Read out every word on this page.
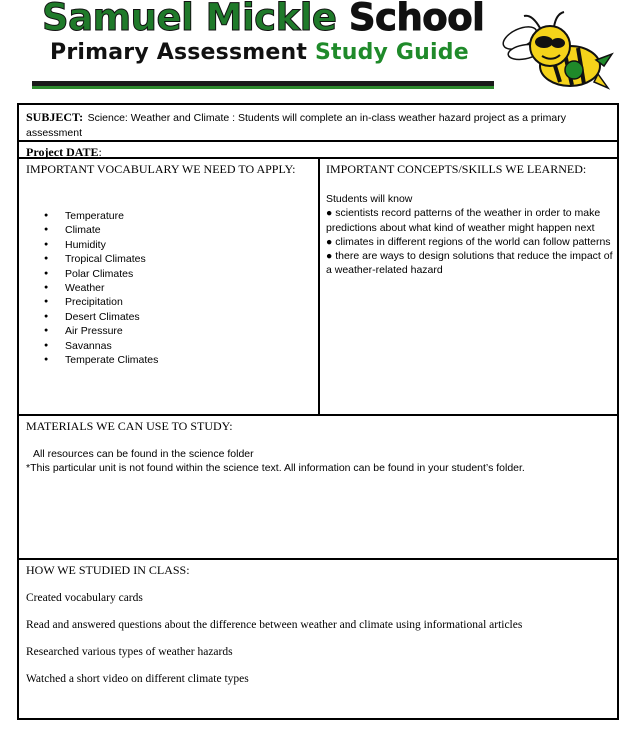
Samuel Mickle School
Primary Assessment Study Guide
SUBJECT: Science: Weather and Climate : Students will complete an in-class weather hazard project as a primary assessment
Project DATE:
IMPORTANT VOCABULARY WE NEED TO APPLY:
● Temperature
● Climate
● Humidity
● Tropical Climates
● Polar Climates
● Weather
● Precipitation
● Desert Climates
● Air Pressure
● Savannas
● Temperate Climates
IMPORTANT CONCEPTS/SKILLS WE LEARNED:
Students will know
● scientists record patterns of the weather in order to make predictions about what kind of weather might happen next
● climates in different regions of the world can follow patterns
● there are ways to design solutions that reduce the impact of a weather-related hazard
MATERIALS WE CAN USE TO STUDY:
All resources can be found in the science folder
*This particular unit is not found within the science text. All information can be found in your student’s folder.
HOW WE STUDIED IN CLASS:
Created vocabulary cards
Read and answered questions about the difference between weather and climate using informational articles
Researched various types of weather hazards
Watched a short video on different climate types
